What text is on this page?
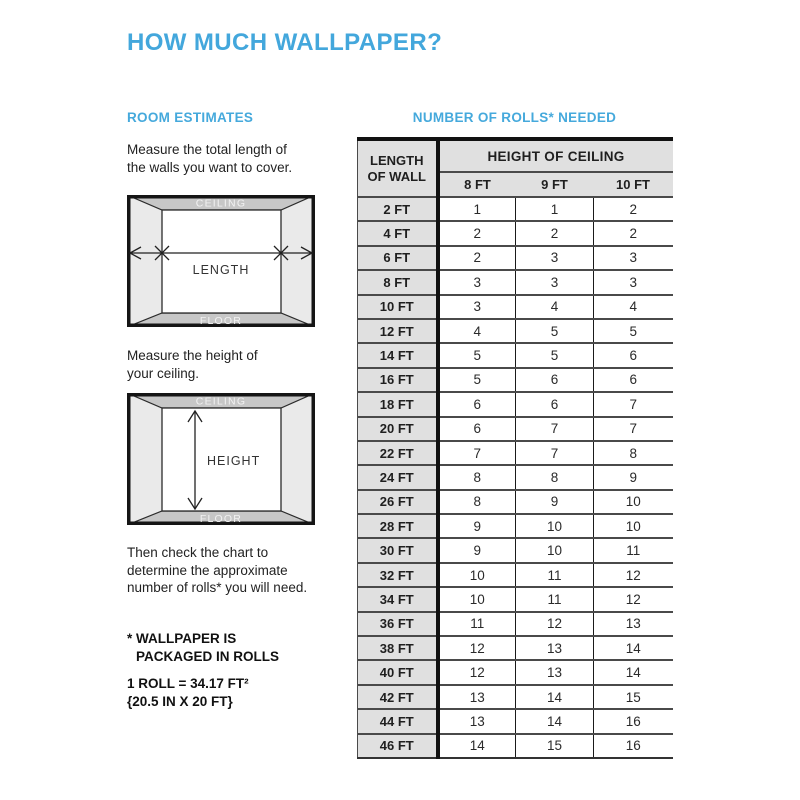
HOW MUCH WALLPAPER?
ROOM ESTIMATES
Measure the total length of
the walls you want to cover.
CEILING
FLOOR
LENGTH
Measure the height of
your ceiling.
CEILING
FLOOR
HEIGHT
Then check the chart to
determine the approximate
number of rolls* you will need.
* WALLPAPER IS
PACKAGED IN ROLLS
1 ROLL = 34.17 FT²
{20.5 IN X 20 FT}
NUMBER OF ROLLS* NEEDED
LENGTH
OF WALL	HEIGHT OF CEILING		
	8 FT	9 FT	10 FT
2 FT	1	1	2
4 FT	2	2	2
6 FT	2	3	3
8 FT	3	3	3
10 FT	3	4	4
12 FT	4	5	5
14 FT	5	5	6
16 FT	5	6	6
18 FT	6	6	7
20 FT	6	7	7
22 FT	7	7	8
24 FT	8	8	9
26 FT	8	9	10
28 FT	9	10	10
30 FT	9	10	11
32 FT	10	11	12
34 FT	10	11	12
36 FT	11	12	13
38 FT	12	13	14
40 FT	12	13	14
42 FT	13	14	15
44 FT	13	14	16
46 FT	14	15	16
